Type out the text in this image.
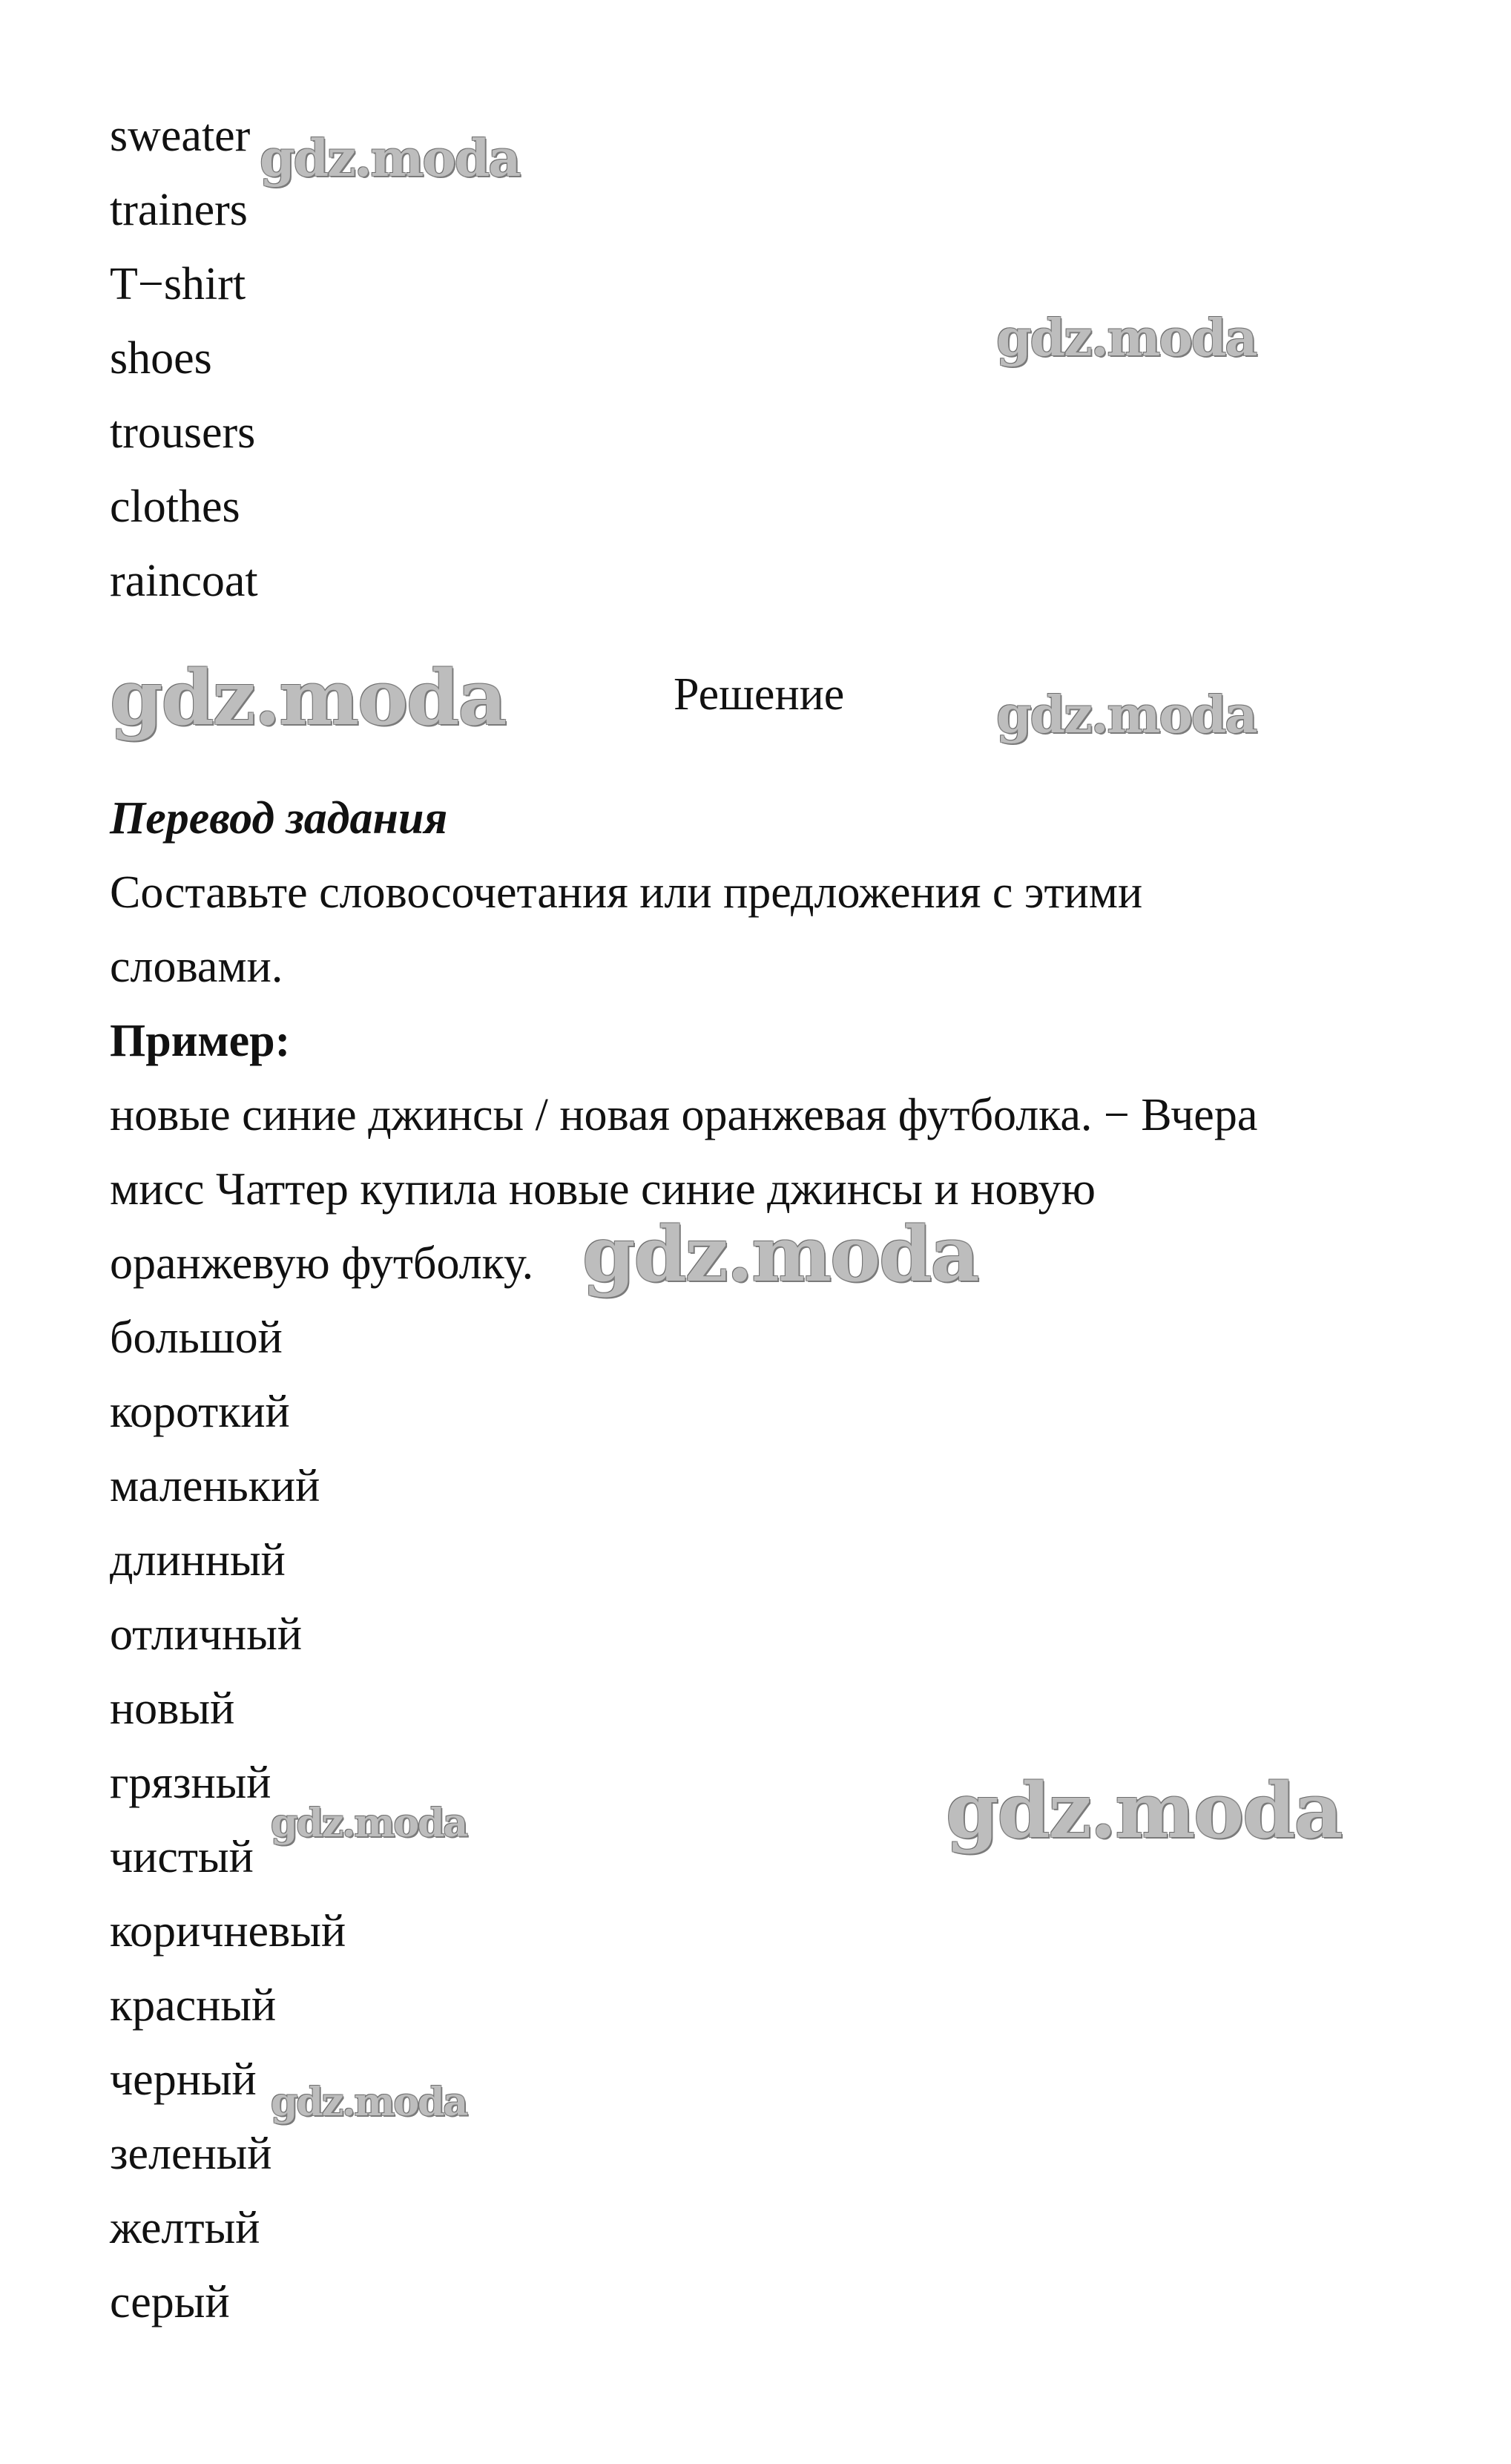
sweater
trainers
T−shirt
shoes
trousers
clothes
raincoat
Решение
Перевод задания
Составьте словосочетания или предложения с этими
словами.
Пример:
новые синие джинсы / новая оранжевая футболка. − Вчера
мисс Чаттер купила новые синие джинсы и новую
оранжевую футболку.
большой
короткий
маленький
длинный
отличный
новый
грязный
чистый
коричневый
красный
черный
зеленый
желтый
серый
gdz.moda
gdz.moda
gdz.moda	gdz.moda
gdz.moda
gdz.moda
gdz.moda
gdz.moda
